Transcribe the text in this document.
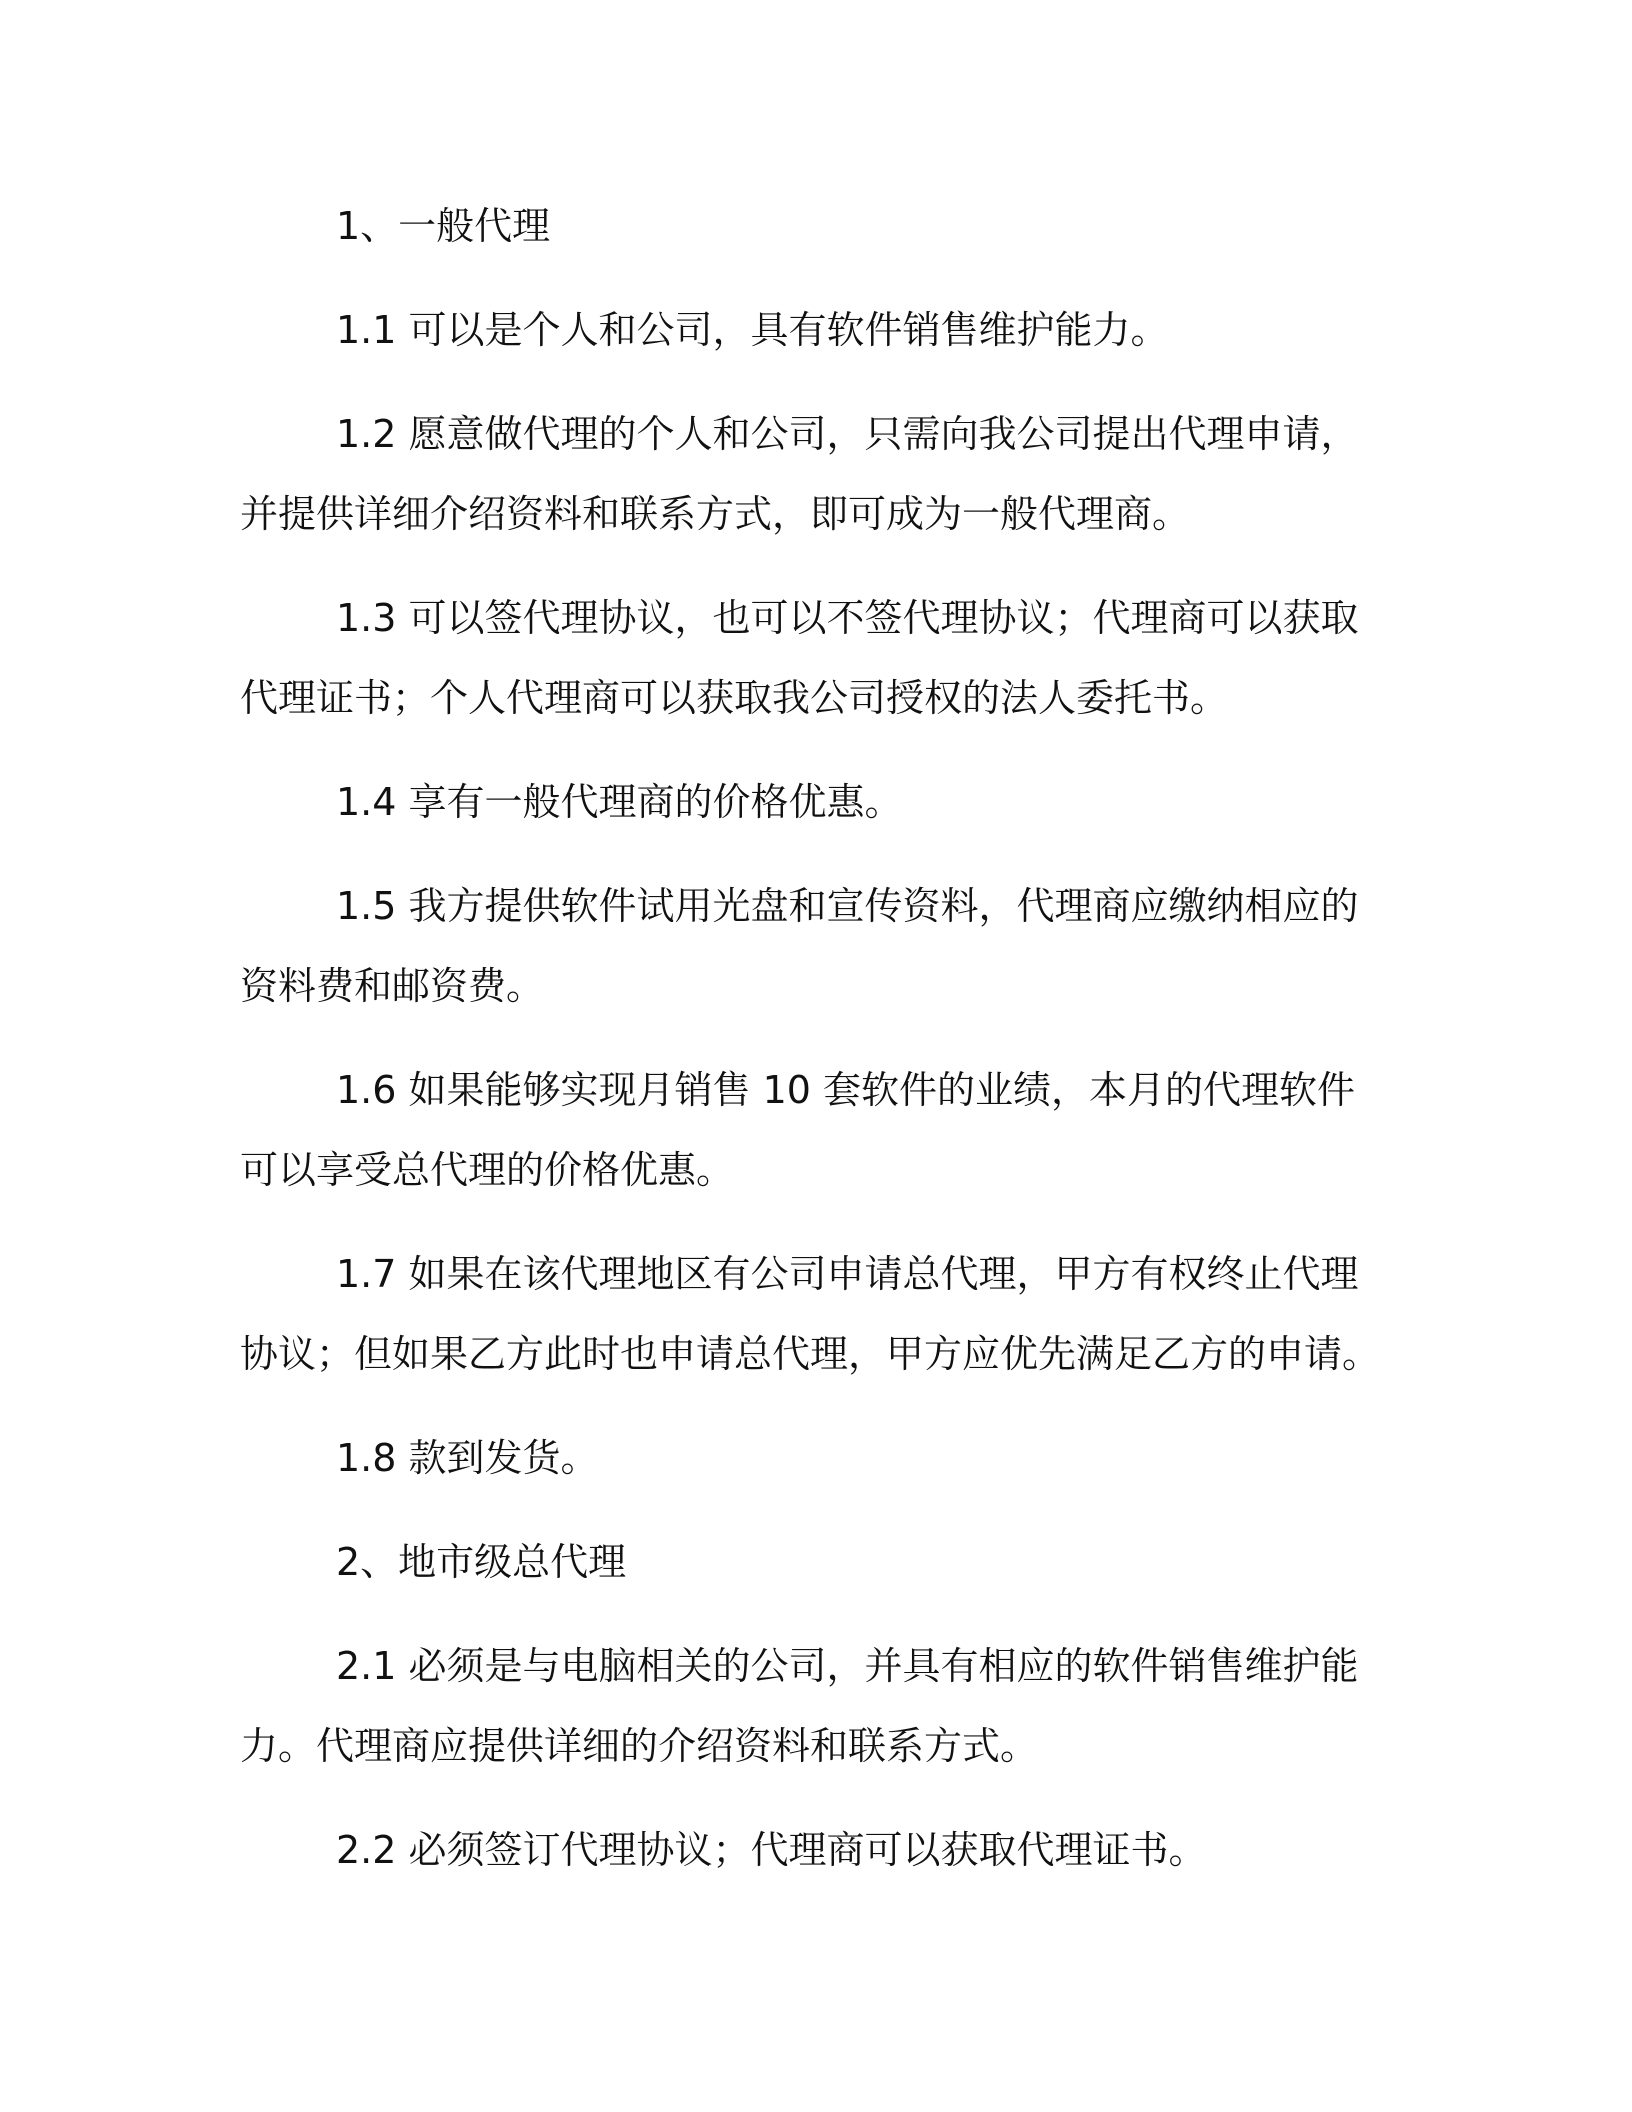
1、一般代理

1.1 可以是个人和公司，具有软件销售维护能力。

1.2 愿意做代理的个人和公司，只需向我公司提出代理申请，并提供详细介绍资料和联系方式，即可成为一般代理商。

1.3 可以签代理协议，也可以不签代理协议；代理商可以获取代理证书；个人代理商可以获取我公司授权的法人委托书。

1.4 享有一般代理商的价格优惠。

1.5 我方提供软件试用光盘和宣传资料，代理商应缴纳相应的资料费和邮资费。

1.6 如果能够实现月销售 10 套软件的业绩，本月的代理软件可以享受总代理的价格优惠。

1.7 如果在该代理地区有公司申请总代理，甲方有权终止代理协议；但如果乙方此时也申请总代理，甲方应优先满足乙方的申请。

1.8 款到发货。

2、地市级总代理

2.1 必须是与电脑相关的公司，并具有相应的软件销售维护能力。代理商应提供详细的介绍资料和联系方式。

2.2 必须签订代理协议；代理商可以获取代理证书。
